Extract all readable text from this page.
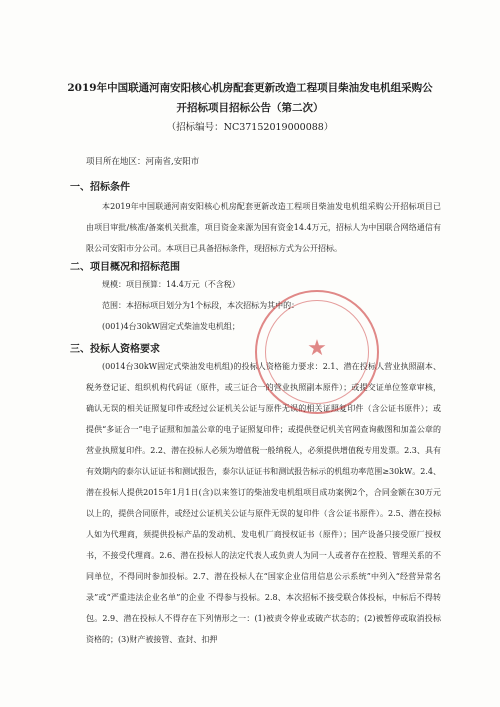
2019年中国联通河南安阳核心机房配套更新改造工程项目柴油发电机组采购公
开招标项目招标公告（第二次）
（招标编号：NC37152019000088）
项目所在地区：河南省,安阳市
一、招标条件
本2019年中国联通河南安阳核心机房配套更新改造工程项目柴油发电机组采购公开招标项目已由项目审批/核准/备案机关批准，项目资金来源为国有资金14.4万元，招标人为中国联合网络通信有限公司安阳市分公司。本项目已具备招标条件，现招标方式为公开招标。
二、项目概况和招标范围
规模：项目预算：14.4万元（不含税）
范围：本招标项目划分为1个标段，本次招标为其中的：
(001)4台30kW固定式柴油发电机组；
三、投标人资格要求
(0014台30kW固定式柴油发电机组)的投标人资格能力要求：2.1、潜在投标人营业执照副本、税务登记证、组织机构代码证（原件，或三证合一的营业执照副本原件）；或提交证单位签章审核，确认无误的相关证照复印件或经过公证机关公证与原件无误的相关证照复印件（含公证书原件）；或提供“多证合一”电子证照和加盖公章的电子证照复印件；或提供登记机关官网查询截图和加盖公章的营业执照复印件。2.2、潜在投标人必须为增值税一般纳税人，必须提供增值税专用发票。2.3、具有有效期内的泰尔认证证书和测试报告，泰尔认证证书和测试报告标示的机组功率范围≥30kW。2.4、潜在投标人提供2015年1月1日(含)以来签订的柴油发电机组项目成功案例2个，合同金额在30万元以上的，提供合同原件，或经过公证机关公证与原件无误的复印件（含公证书原件）。2.5、潜在投标人如为代理商，须提供投标产品的发动机、发电机厂商授权证书（原件）；国产设备只接受原厂授权书，不接受代理商。2.6、潜在投标人的法定代表人或负责人为同一人或者存在控股、管理关系的不同单位，不得同时参加投标。2.7、潜在投标人在“国家企业信用信息公示系统”中列入“经营异常名录”或“严重违法企业名单”的企业 不得参与投标。2.8、本次招标不接受联合体投标，中标后不得转包。2.9、潜在投标人不得存在下列情形之一：(1)被责令停业或破产状态的；(2)被暂停或取消投标资格的；(3)财产被接管、查封、扣押
★
